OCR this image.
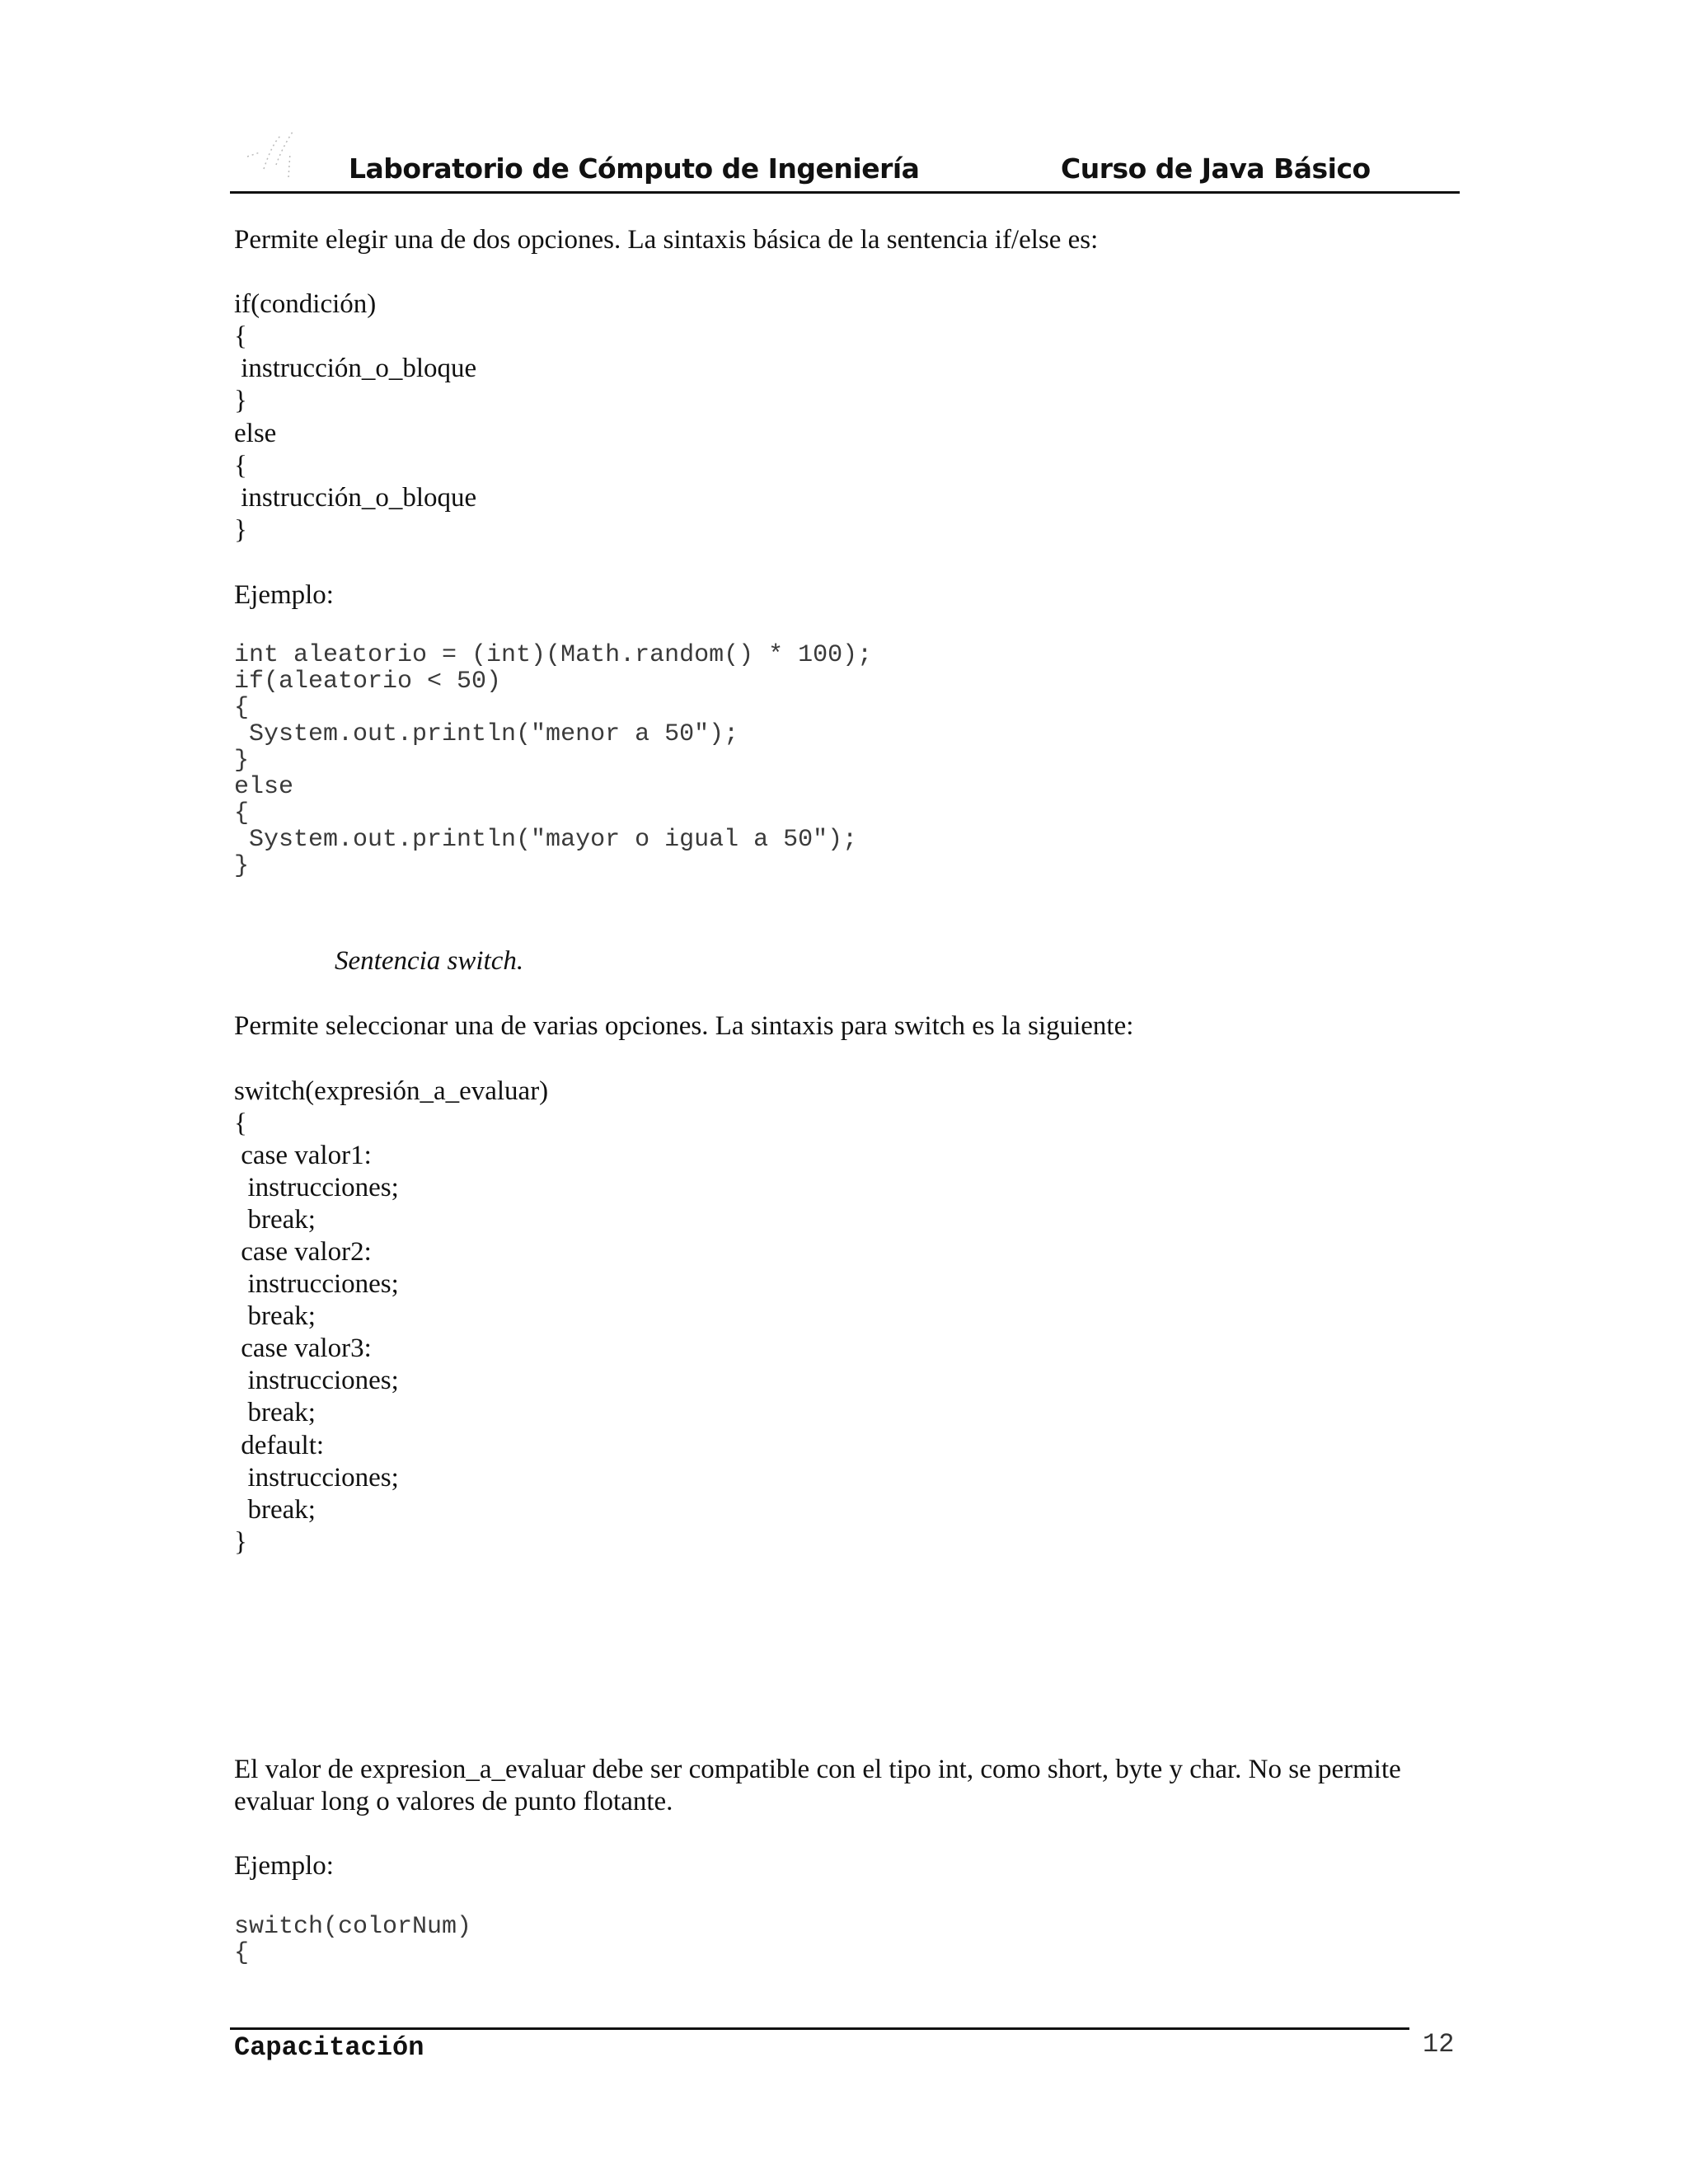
Laboratorio de Cómputo de Ingeniería	Curso de Java Básico
Permite elegir una de dos opciones. La sintaxis básica de la sentencia if/else es:
if(condición)
{
instrucción_o_bloque
}
else
{
instrucción_o_bloque
}
Ejemplo:
int aleatorio = (int)(Math.random() * 100);
if(aleatorio < 50)
{
System.out.println("menor a 50");
}
else
{
System.out.println("mayor o igual a 50");
}
Sentencia switch.
Permite seleccionar una de varias opciones. La sintaxis para switch es la siguiente:
switch(expresión_a_evaluar)
{
case valor1:
instrucciones;
break;
case valor2:
instrucciones;
break;
case valor3:
instrucciones;
break;
default:
instrucciones;
break;
}
El valor de expresion_a_evaluar debe ser compatible con el tipo int, como short, byte y char. No se permite
evaluar long o valores de punto flotante.
Ejemplo:
switch(colorNum)
{
Capacitación	12
